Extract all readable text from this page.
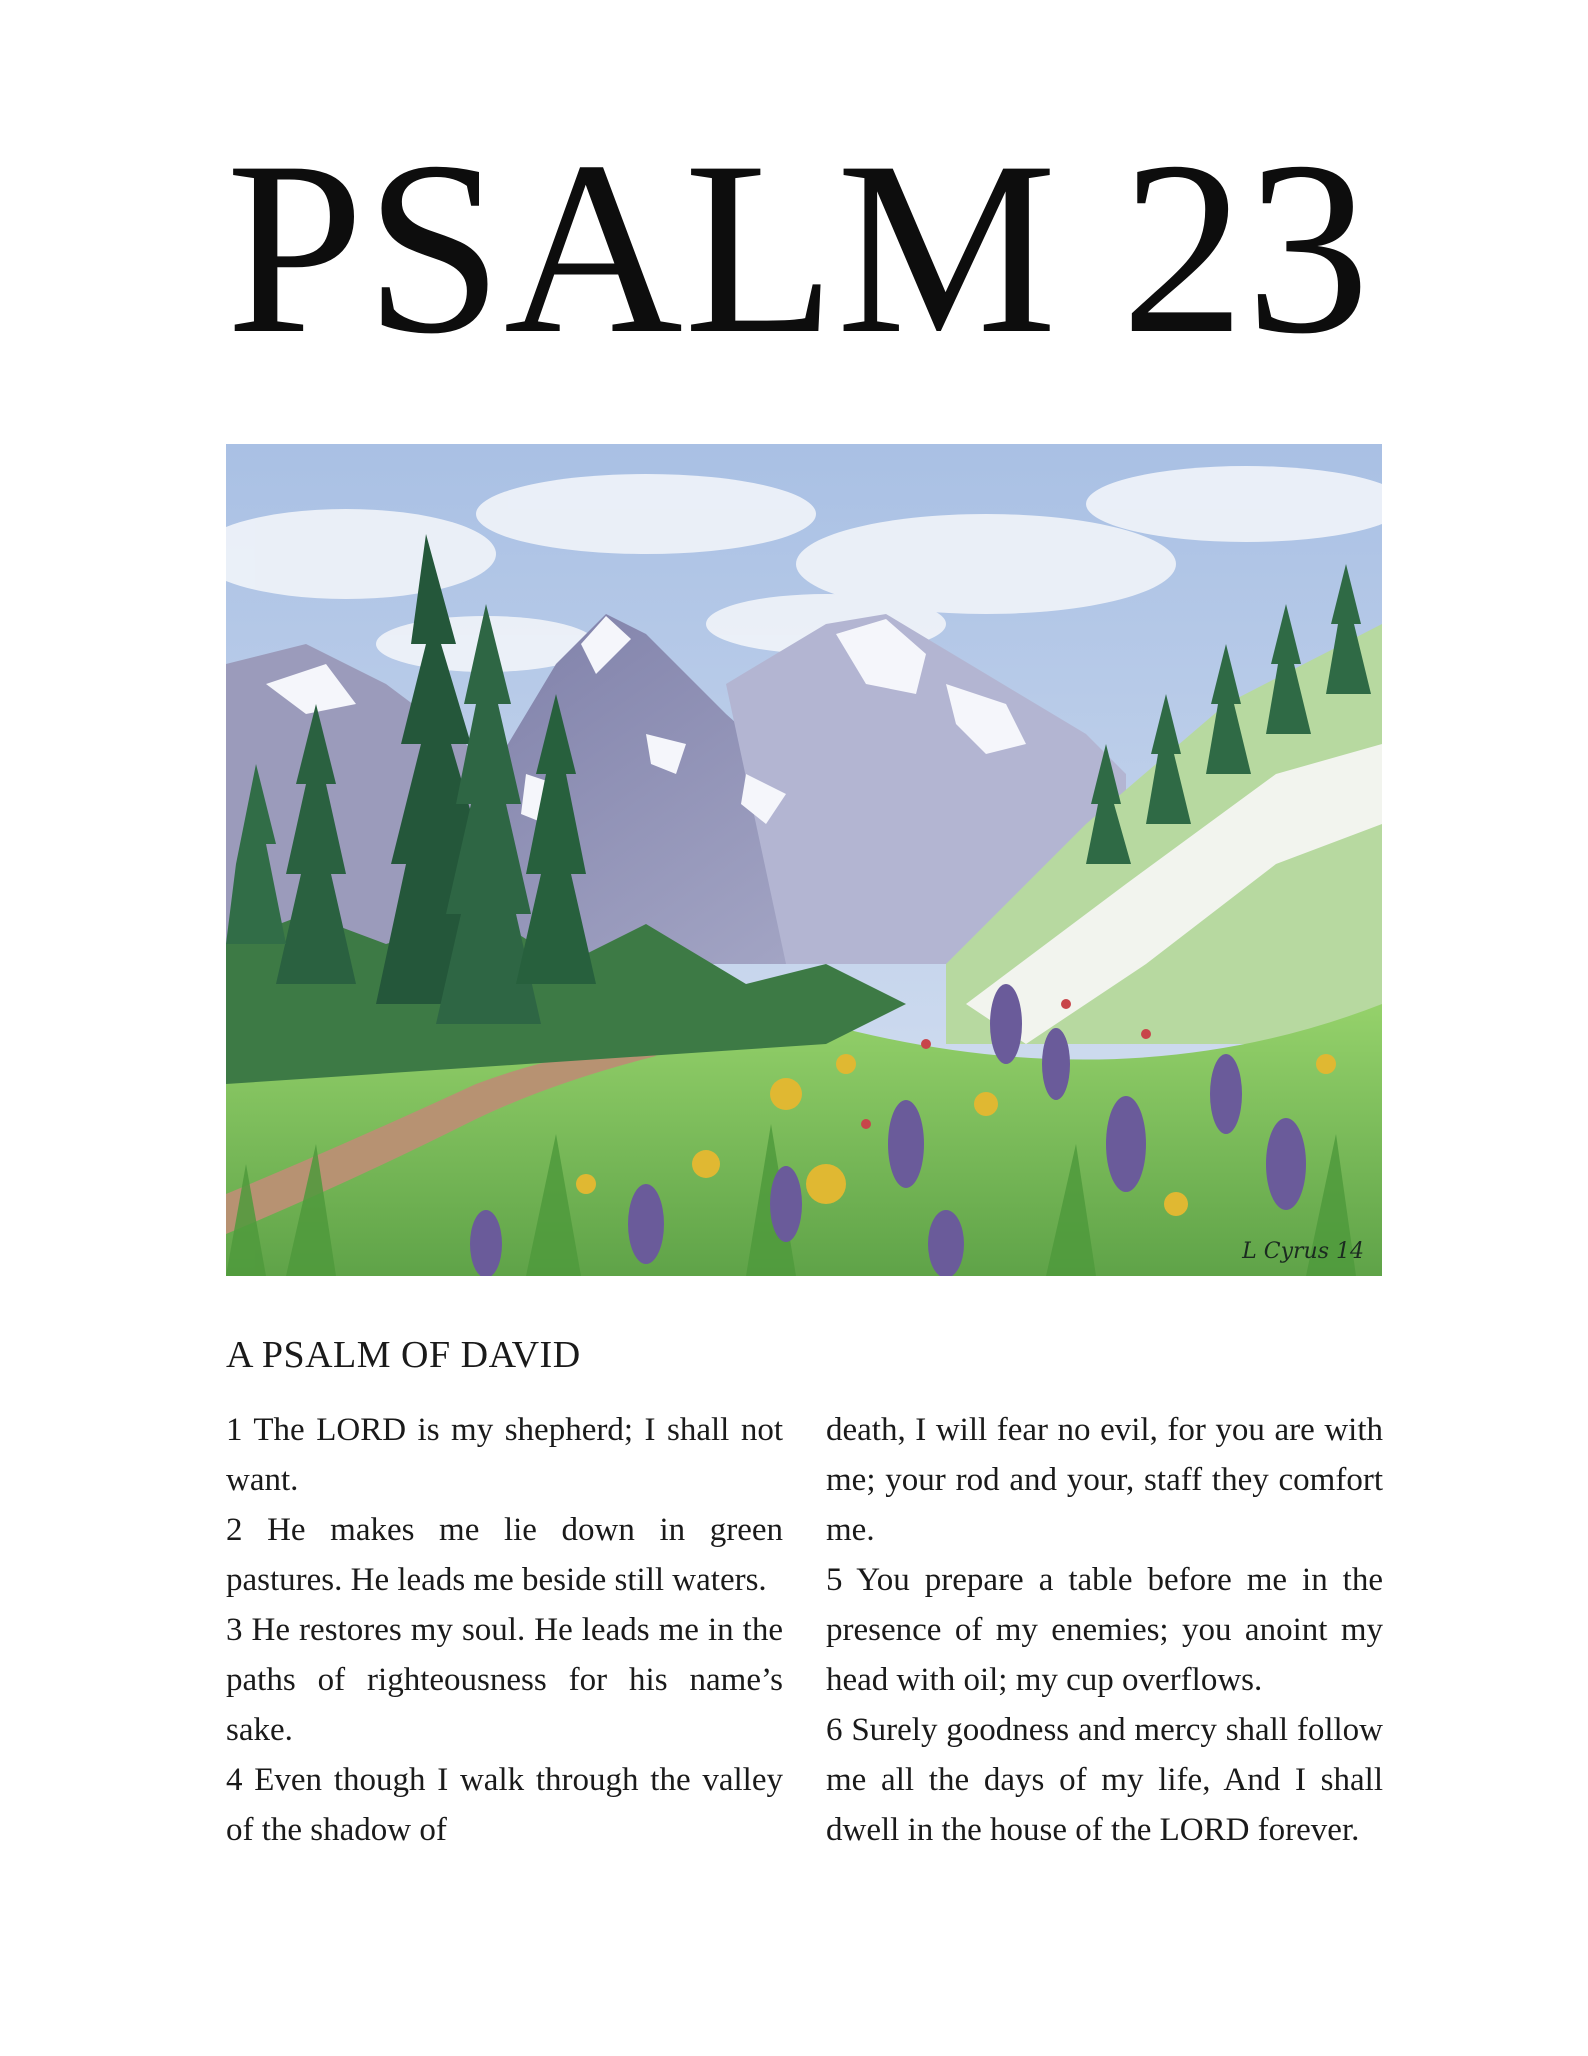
PSALM 23
L Cyrus 14
A PSALM OF DAVID

1 The LORD is my shepherd; I shall not want.

2 He makes me lie down in green pastures. He leads me beside still waters.

3 He restores my soul. He leads me in the paths of righteousness for his name’s sake.

4 Even though I walk through the valley of the shadow of

death, I will fear no evil, for you are with me; your rod and your, staff they comfort me.

5 You prepare a table before me in the presence of my enemies; you anoint my head with oil; my cup overflows.

6 Surely goodness and mercy shall follow me all the days of my life, And I shall dwell in the house of the LORD forever.
